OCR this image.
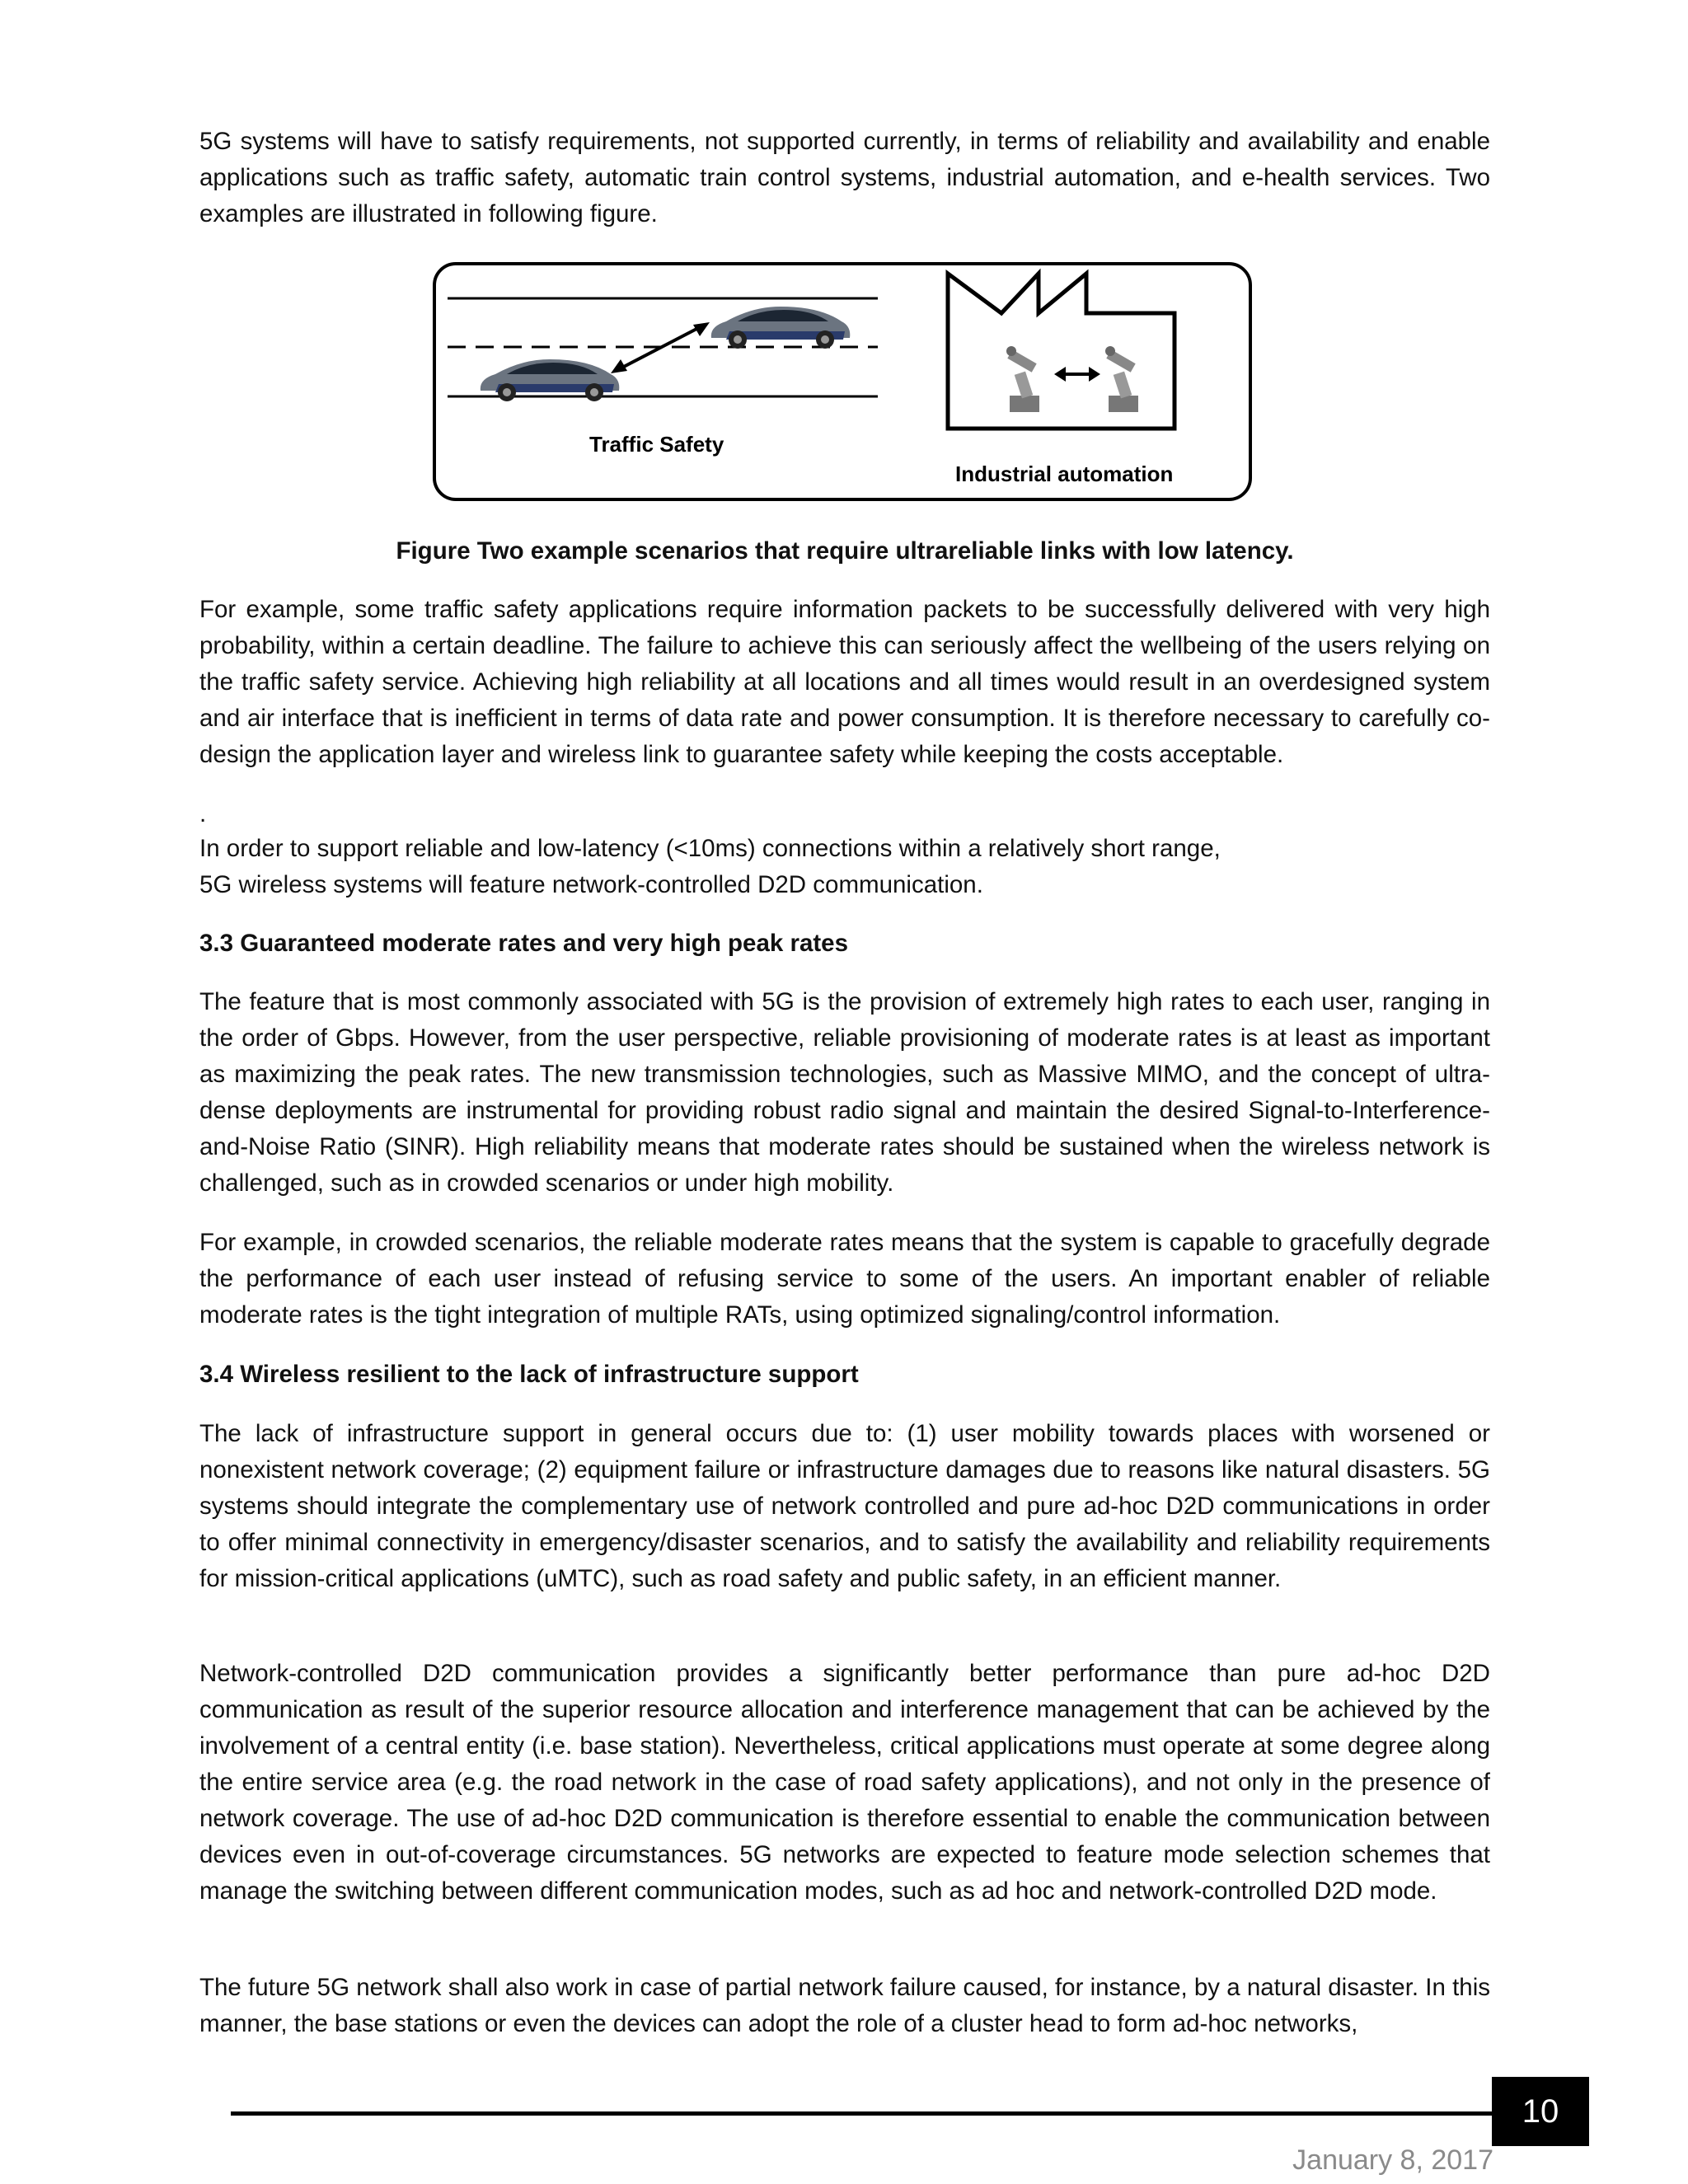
5G systems will have to satisfy requirements, not supported currently, in terms of reliability and availability and enable applications such as traffic safety, automatic train control systems, industrial automation, and e-health services. Two examples are illustrated in following figure.

Traffic Safety
Industrial automation
Figure Two example scenarios that require ultrareliable links with low latency.

For example, some traffic safety applications require information packets to be successfully delivered with very high probability, within a certain deadline. The failure to achieve this can seriously affect the wellbeing of the users relying on the traffic safety service. Achieving high reliability at all locations and all times would result in an overdesigned system and air interface that is inefficient in terms of data rate and power consumption. It is therefore necessary to carefully co-design the application layer and wireless link to guarantee safety while keeping the costs acceptable.

.

In order to support reliable and low-latency (<10ms) connections within a relatively short range,

5G wireless systems will feature network-controlled D2D communication.

3.3 Guaranteed moderate rates and very high peak rates

The feature that is most commonly associated with 5G is the provision of extremely high rates to each user, ranging in the order of Gbps. However, from the user perspective, reliable provisioning of moderate rates is at least as important as maximizing the peak rates. The new transmission technologies, such as Massive MIMO, and the concept of ultra-dense deployments are instrumental for providing robust radio signal and maintain the desired Signal-to-Interference-and-Noise Ratio (SINR). High reliability means that moderate rates should be sustained when the wireless network is challenged, such as in crowded scenarios or under high mobility.

For example, in crowded scenarios, the reliable moderate rates means that the system is capable to gracefully degrade the performance of each user instead of refusing service to some of the users. An important enabler of reliable moderate rates is the tight integration of multiple RATs, using optimized signaling/control information.

3.4 Wireless resilient to the lack of infrastructure support

The lack of infrastructure support in general occurs due to: (1) user mobility towards places with worsened or nonexistent network coverage; (2) equipment failure or infrastructure damages due to reasons like natural disasters. 5G systems should integrate the complementary use of network controlled and pure ad-hoc D2D communications in order to offer minimal connectivity in emergency/disaster scenarios, and to satisfy the availability and reliability requirements for mission-critical applications (uMTC), such as road safety and public safety, in an efficient manner.

Network-controlled D2D communication provides a significantly better performance than pure ad-hoc D2D communication as result of the superior resource allocation and interference management that can be achieved by the involvement of a central entity (i.e. base station). Nevertheless, critical applications must operate at some degree along the entire service area (e.g. the road network in the case of road safety applications), and not only in the presence of network coverage. The use of ad-hoc D2D communication is therefore essential to enable the communication between devices even in out-of-coverage circumstances. 5G networks are expected to feature mode selection schemes that manage the switching between different communication modes, such as ad hoc and network-controlled D2D mode.

The future 5G network shall also work in case of partial network failure caused, for instance, by a natural disaster. In this manner, the base stations or even the devices can adopt the role of a cluster head to form ad-hoc networks,

10
January 8, 2017
